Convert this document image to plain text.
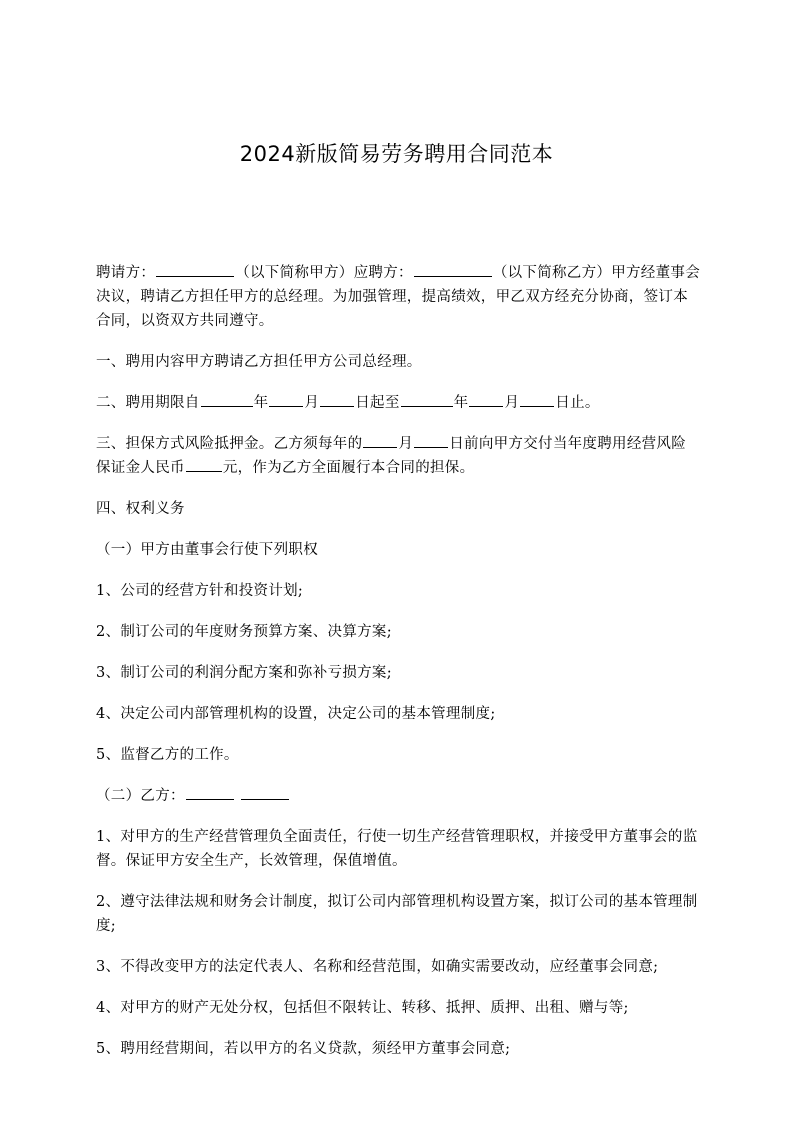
2024新版简易劳务聘用合同范本

聘请方：	（以下简称甲方）应聘方：	（以下简称乙方）甲方经董事会决议，聘请乙方担任甲方的总经理。为加强管理，提高绩效，甲乙双方经充分协商，签订本合同，以资双方共同遵守。

一、聘用内容甲方聘请乙方担任甲方公司总经理。

二、聘用期限自	年 月 日起至	年 月 日止。

三、担保方式风险抵押金。乙方须每年的 月 日前向甲方交付当年度聘用经营风险保证金人民币	元，作为乙方全面履行本合同的担保。

四、权利义务

（一）甲方由董事会行使下列职权

1、公司的经营方针和投资计划;

2、制订公司的年度财务预算方案、决算方案;

3、制订公司的利润分配方案和弥补亏损方案;

4、决定公司内部管理机构的设置，决定公司的基本管理制度;

5、监督乙方的工作。

（二）乙方：

1、对甲方的生产经营管理负全面责任，行使一切生产经营管理职权，并接受甲方董事会的监督。保证甲方安全生产，长效管理，保值增值。

2、遵守法律法规和财务会计制度，拟订公司内部管理机构设置方案，拟订公司的基本管理制度;

3、不得改变甲方的法定代表人、名称和经营范围，如确实需要改动，应经董事会同意;

4、对甲方的财产无处分权，包括但不限转让、转移、抵押、质押、出租、赠与等;

5、聘用经营期间，若以甲方的名义贷款，须经甲方董事会同意;
